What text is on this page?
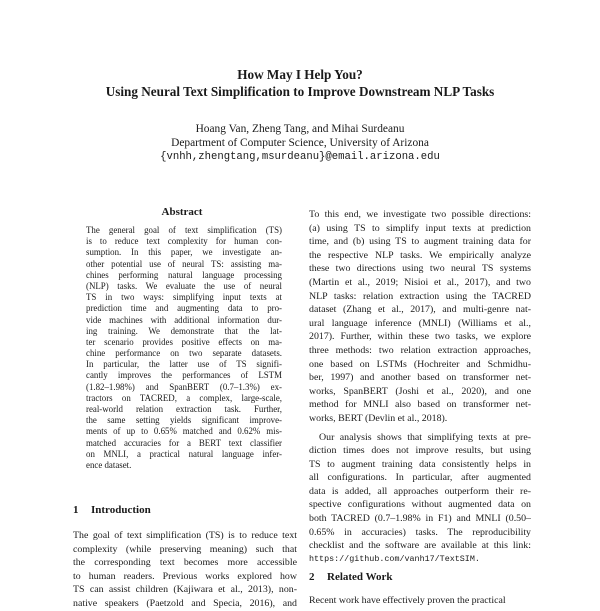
How May I Help You?
Using Neural Text Simplification to Improve Downstream NLP Tasks
Hoang Van, Zheng Tang, and Mihai Surdeanu
Department of Computer Science, University of Arizona
{vnhh,zhengtang,msurdeanu}@email.arizona.edu
Abstract
The general goal of text simplification (TS)
is to reduce text complexity for human con-
sumption. In this paper, we investigate an-
other potential use of neural TS: assisting ma-
chines performing natural language processing
(NLP) tasks. We evaluate the use of neural
TS in two ways: simplifying input texts at
prediction time and augmenting data to pro-
vide machines with additional information dur-
ing training. We demonstrate that the lat-
ter scenario provides positive effects on ma-
chine performance on two separate datasets.
In particular, the latter use of TS signifi-
cantly improves the performances of LSTM
(1.82–1.98%) and SpanBERT (0.7–1.3%) ex-
tractors on TACRED, a complex, large-scale,
real-world relation extraction task. Further,
the same setting yields significant improve-
ments of up to 0.65% matched and 0.62% mis-
matched accuracies for a BERT text classifier
on MNLI, a practical natural language infer-
ence dataset.
1 Introduction
The goal of text simplification (TS) is to reduce text
complexity (while preserving meaning) such that
the corresponding text becomes more accessible
to human readers. Previous works explored how
TS can assist children (Kajiwara et al., 2013), non-
native speakers (Paetzold and Specia, 2016), and
To this end, we investigate two possible directions:
(a) using TS to simplify input texts at prediction
time, and (b) using TS to augment training data for
the respective NLP tasks. We empirically analyze
these two directions using two neural TS systems
(Martin et al., 2019; Nisioi et al., 2017), and two
NLP tasks: relation extraction using the TACRED
dataset (Zhang et al., 2017), and multi-genre nat-
ural language inference (MNLI) (Williams et al.,
2017). Further, within these two tasks, we explore
three methods: two relation extraction approaches,
one based on LSTMs (Hochreiter and Schmidhu-
ber, 1997) and another based on transformer net-
works, SpanBERT (Joshi et al., 2020), and one
method for MNLI also based on transformer net-
works, BERT (Devlin et al., 2018).
Our analysis shows that simplifying texts at pre-
diction times does not improve results, but using
TS to augment training data consistently helps in
all configurations. In particular, after augmented
data is added, all approaches outperform their re-
spective configurations without augmented data on
both TACRED (0.7–1.98% in F1) and MNLI (0.50–
0.65% in accuracies) tasks. The reproducibility
checklist and the software are available at this link:
https://github.com/vanh17/TextSIM.
2 Related Work
Recent work have effectively proven the practical
